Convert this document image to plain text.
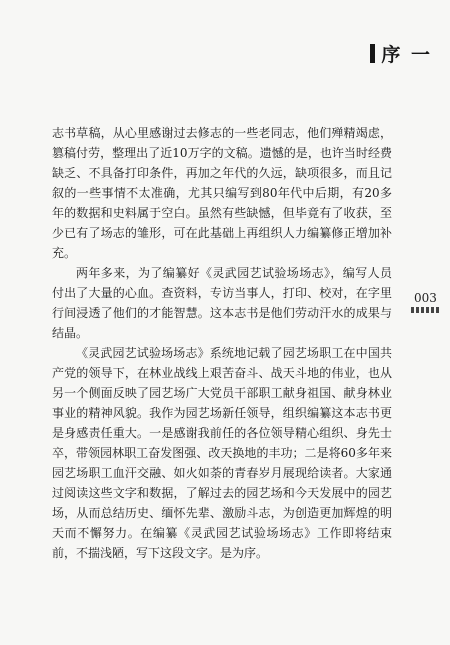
序 一

志书草稿，从心里感谢过去修志的一些老同志，他们殚精竭虑，篡稿付劳，整理出了近10万字的文稿。遗憾的是，也许当时经费缺乏、不具备打印条件，再加之年代的久远，缺项很多，而且记叙的一些事情不太准确，尤其只编写到80年代中后期，有20多年的数据和史料属于空白。虽然有些缺憾，但毕竟有了收获，至少已有了场志的雏形，可在此基础上再组织人力编纂修正增加补充。

两年多来，为了编纂好《灵武园艺试验场场志》，编写人员付出了大量的心血。查资料，专访当事人，打印、校对，在字里行间浸透了他们的才能智慧。这本志书是他们劳动汗水的成果与结晶。

《灵武园艺试验场场志》系统地记载了园艺场职工在中国共产党的领导下，在林业战线上艰苦奋斗、战天斗地的伟业，也从另一个侧面反映了园艺场广大党员干部职工献身祖国、献身林业事业的精神风貌。我作为园艺场新任领导，组织编纂这本志书更是身感责任重大。一是感谢我前任的各位领导精心组织、身先士卒，带领园林职工奋发图强、改天换地的丰功；二是将60多年来园艺场职工血汗交融、如火如荼的青春岁月展现给读者。大家通过阅读这些文字和数据，了解过去的园艺场和今天发展中的园艺场，从而总结历史、缅怀先辈、激励斗志，为创造更加辉煌的明天而不懈努力。在编纂《灵武园艺试验场场志》工作即将结束前，不揣浅陋，写下这段文字。是为序。

003
